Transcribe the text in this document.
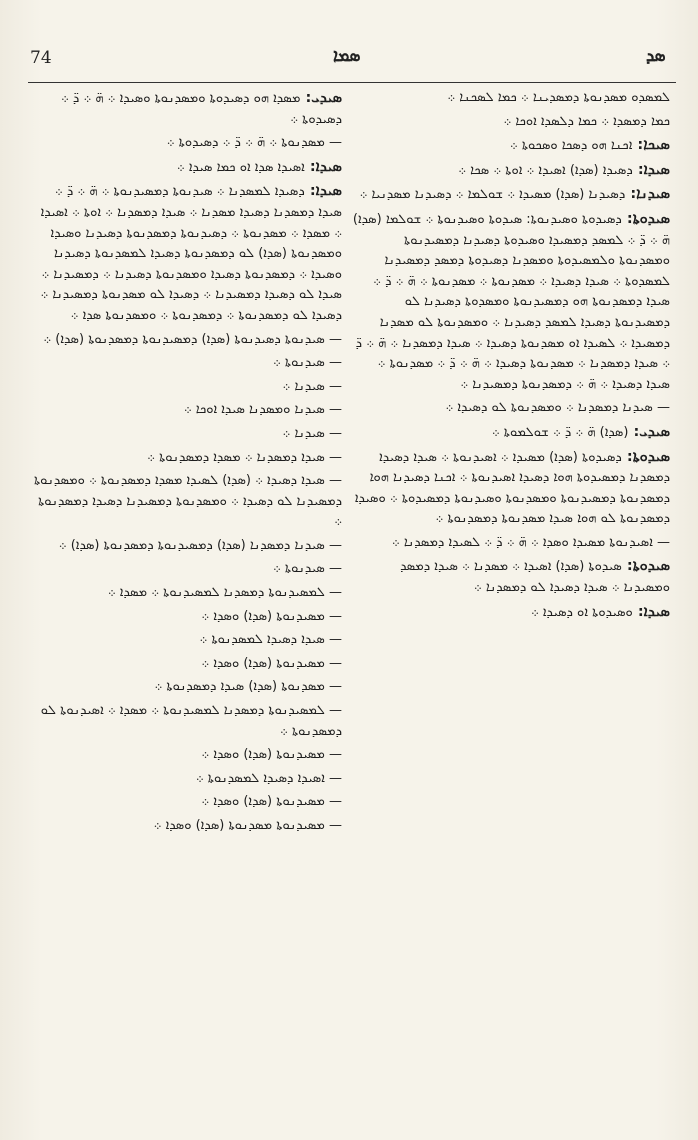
74	ܣܡܐ	ܣܕ

ܠܡܣܕܘ ܡܣܕܢܘܬܐ ܕܡܣܕܝܢܐ ܀ ܟܡܐ ܠܣܟܢܐ ܀

ܟܡܐ ܕܡܣܕܐ ܀ ܟܡܐ ܕܠܣܕܐ ܐܘܟܐ ܀

ܣܝܟܐ: ܐܟܢܐ ܗܘ ܕܣܟܐ ܘܣܟܘܬܐ ܀

ܣܝܕܐ: ܕܣܝܕܐ (ܣܕܐ) ܐܣܝܕܐ ܀ ܐܘܬܐ ܀ ܣܟܐ ܀

ܣܝܕܢܐ: ܕܣܝܕܢܐ (ܣܕܐ) ܡܣܝܕܐ ܀ ܫܘܠܡܐ ܀ ܕܣܝܕܢܐ ܡܣܕܢܝܐ ܀

ܣܝܕܘܬܐ: ܕܣܝܕܘܬܐ ܘܣܝܕܢܘܬܐ: ܣܝܕܘܬܐ ܘܣܝܕܢܘܬܐ ܀ ܫܘܠܡܐ (ܣܕܐ) ܗ̈ ܀ ܕ̈ ܀ ܠܡܣܕ ܕܡܣܝܕܐ ܘܣܝܕܘܬܐ ܕܣܝܕܢܐ ܕܡܣܝܕܢܘܬܐ ܘܡܣܕܢܘܬܐ ܘܠܡܣܝܕܘܬܐ ܘܡܣܕܢܐ ܕܣܝܕܘܬܐ ܕܡܣܕ ܕܡܣܝܕܢܐ ܠܡܣܕܘܬܐ ܀ ܣܝܕܐ ܕܣܝܕܐ ܀ ܡܣܕܢܘܬܐ ܀ ܡܣܕܢܘܬܐ ܀ ܗ̈ ܀ ܕ̈ ܀ ܣܝܕܐ ܕܡܣܕܢܘܬܐ ܗܘ ܕܡܣܝܕܢܘܬܐ ܘܡܣܕܘܬܐ ܕܣܝܕܢܐ ܠܘ ܕܡܣܝܕܢܘܬܐ ܕܣܝܕܐ ܠܡܣܕ ܕܣܝܕܢܐ ܀ ܘܡܣܕܢܘܬܐ ܠܘ ܡܣܕܢܐ ܕܡܣܝܕܐ ܀ ܠܣܝܕܐ ܐܘ ܡܣܕܢܘܬܐ ܕܣܝܕܐ ܀ ܣܝܕܐ ܕܡܣܕܢܐ ܀ ܗ̈ ܀ ܕ̈ ܀ ܣܝܕܐ ܕܡܣܕܢܐ ܀ ܡܣܕܢܘܬܐ ܕܣܝܕܐ ܀ ܗ̈ ܀ ܕ̈ ܀ ܡܣܕܢܘܬܐ ܀ ܣܝܕܐ ܕܣܝܕܐ ܀ ܗ̈ ܀ ܕܡܣܕܢܘܬܐ ܕܡܣܝܕܢܐ ܀

— ܣܝܕܢܐ ܕܡܣܕܢܐ ܀ ܘܡܣܕܢܘܬܐ ܠܘ ܕܣܝܕܐ ܀

ܣܝܕܝ: (ܣܕܐ) ܗ̈ ܀ ܕ̈ ܀ ܫܘܠܡܘܬܐ ܀

ܣܝܕܘܬܐ: ܕܣܝܕܘܬܐ (ܣܕܐ) ܡܣܝܕܐ ܀ ܐܣܝܕܢܘܬܐ ܀ ܣܝܕܐ ܕܣܝܕܐ ܕܡܣܕܢܐ ܕܡܣܝܕܘܬܐ ܗܘܐ ܕܣܝܕܐ ܐܣܝܕܢܘܬܐ ܀ ܐܟܢܐ ܕܣܝܕܢܐ ܗܘܐ ܕܡܣܕܢܘܬܐ ܕܡܣܝܕܢܘܬܐ ܘܡܣܕܢܘܬܐ ܘܣܝܕܢܘܬܐ ܕܡܣܝܕܘܬܐ ܀ ܘܣܝܕܐ ܕܡܣܕܢܘܬܐ ܠܘ ܗܘܐ ܣܝܕܐ ܡܣܕܢܘܬܐ ܕܡܣܕܢܘܬܐ ܀

— ܐܣܝܕܢܘܬܐ ܡܣܝܕܐ ܘܣܕܐ ܀ ܗ̈ ܀ ܕ̈ ܀ ܠܣܝܕܐ ܕܡܣܕܢܐ ܀

ܣܝܕܘܬܐ: ܣܝܕܘܬܐ (ܣܕܐ) ܐܣܝܕܐ ܀ ܡܣܕܢܐ ܀ ܣܝܕܐ ܕܡܣܕ ܘܡܣܝܕܢܐ ܀ ܣܝܕܐ ܕܣܝܕܐ ܠܘ ܕܡܣܕܢܐ ܀

ܣܝܕܐ: ܘܣܝܕܘܬܐ ܐܘ ܕܣܝܕܐ ܀

ܣܝܕܝ: ܡܣܕܐ ܗܘ ܕܣܝܕܘܬܐ ܘܡܣܕܢܘܬܐ ܘܣܝܕܐ ܀ ܗ̈ ܀ ܕ̈ ܀ ܕܣܝܕܘܬܐ ܀

— ܡܣܕܢܘܬܐ ܀ ܗ̈ ܀ ܕ̈ ܀ ܕܣܝܕܘܬܐ ܀

ܣܝܕܐ: ܐܣܝܕܐ ܣܕܐ ܐܘ ܟܡܐ ܣܝܕܐ ܀

ܣܝܕܐ: ܕܣܝܕܐ ܠܡܣܕܢܐ ܀ ܣܝܕܢܘܬܐ ܕܡܣܝܕܢܘܬܐ ܀ ܗ̈ ܀ ܕ̈ ܀ ܣܝܕܐ ܕܡܣܕܢܐ ܕܣܝܕܐ ܡܣܕܢܐ ܀ ܣܝܕܐ ܕܡܣܕܢܐ ܀ ܐܘܬܐ ܀ ܐܣܝܕܐ ܀ ܡܣܕܐ ܀ ܡܣܕܢܘܬܐ ܀ ܕܣܝܕܢܘܬܐ ܕܡܣܕܢܘܬܐ ܕܣܝܕܢܐ ܘܣܝܕܐ ܘܡܣܕܢܘܬܐ (ܣܕܐ) ܠܘ ܕܡܣܕܢܘܬܐ ܕܣܝܕܐ ܠܡܣܕܢܘܬܐ ܕܣܝܕܢܐ ܘܣܝܕܐ ܀ ܕܡܣܕܢܘܬܐ ܕܣܝܕܐ ܘܡܣܕܢܘܬܐ ܕܣܝܕܢܐ ܀ ܕܡܣܝܕܢܐ ܀ ܣܝܕܐ ܠܘ ܕܣܝܕܐ ܕܡܣܝܕܢܐ ܀ ܕܣܝܕܐ ܠܘ ܡܣܕܢܘܬܐ ܕܡܣܝܕܢܐ ܀ ܕܣܝܕܐ ܠܘ ܕܡܣܕܢܘܬܐ ܀ ܕܡܣܕܢܘܬܐ ܀ ܘܡܣܕܢܘܬܐ ܣܕܐ ܀

— ܣܝܕܢܘܬܐ ܕܣܝܕܢܘܬܐ (ܣܕܐ) ܕܡܣܝܕܢܘܬܐ ܕܡܣܕܢܘܬܐ (ܣܕܐ) ܀

— ܣܝܕܢܘܬܐ ܀

— ܣܝܕܢܐ ܀

— ܣܝܕܢܐ ܘܡܣܕܢܐ ܣܝܕܐ ܐܘܟܐ ܀

— ܣܝܕܢܐ ܀

— ܣܝܕܐ ܕܡܣܕܢܐ ܀ ܡܣܕܐ ܕܡܣܕܢܘܬܐ ܀

— ܣܝܕܐ ܕܣܝܕܐ ܀ (ܣܕܐ) ܠܣܝܕܐ ܡܣܕܐ ܕܡܣܕܢܘܬܐ ܀ ܘܡܣܕܢܘܬܐ ܕܡܣܝܕܢܐ ܠܘ ܕܣܝܕܐ ܀ ܘܡܣܕܢܘܬܐ ܕܡܣܝܕܢܐ ܕܣܝܕܐ ܕܡܣܕܢܘܬܐ ܀

— ܣܝܕܢܐ ܕܡܣܕܢܐ (ܣܕܐ) ܕܡܣܝܕܢܘܬܐ ܕܡܣܕܢܘܬܐ (ܣܕܐ) ܀

— ܣܝܕܢܘܬܐ ܀

— ܠܡܣܝܕܢܘܬܐ ܕܡܣܕܢܐ ܠܡܣܝܕܢܘܬܐ ܀ ܡܣܕܐ ܀

— ܡܣܝܕܢܘܬܐ (ܣܕܐ) ܘܣܕܐ ܀

— ܣܝܕܐ ܕܣܝܕܐ ܠܡܣܕܢܘܬܐ ܀

— ܡܣܝܕܢܘܬܐ (ܣܕܐ) ܘܣܕܐ ܀

— ܡܣܕܢܘܬܐ (ܣܕܐ) ܣܝܕܐ ܕܡܣܕܢܘܬܐ ܀

— ܠܡܣܝܕܢܘܬܐ ܕܡܣܕܢܐ ܠܡܣܝܕܢܘܬܐ ܀ ܡܣܕܐ ܀ ܐܣܝܕܢܘܬܐ ܠܘ ܕܡܣܕܢܘܬܐ ܀

— ܡܣܝܕܢܘܬܐ (ܣܕܐ) ܘܣܕܐ ܀

— ܐܣܝܕܐ ܕܣܝܕܐ ܠܡܣܕܢܘܬܐ ܀

— ܡܣܝܕܢܘܬܐ (ܣܕܐ) ܘܣܕܐ ܀

— ܡܣܝܕܢܘܬܐ ܡܣܕܢܘܬܐ (ܣܕܐ) ܘܣܕܐ ܀
